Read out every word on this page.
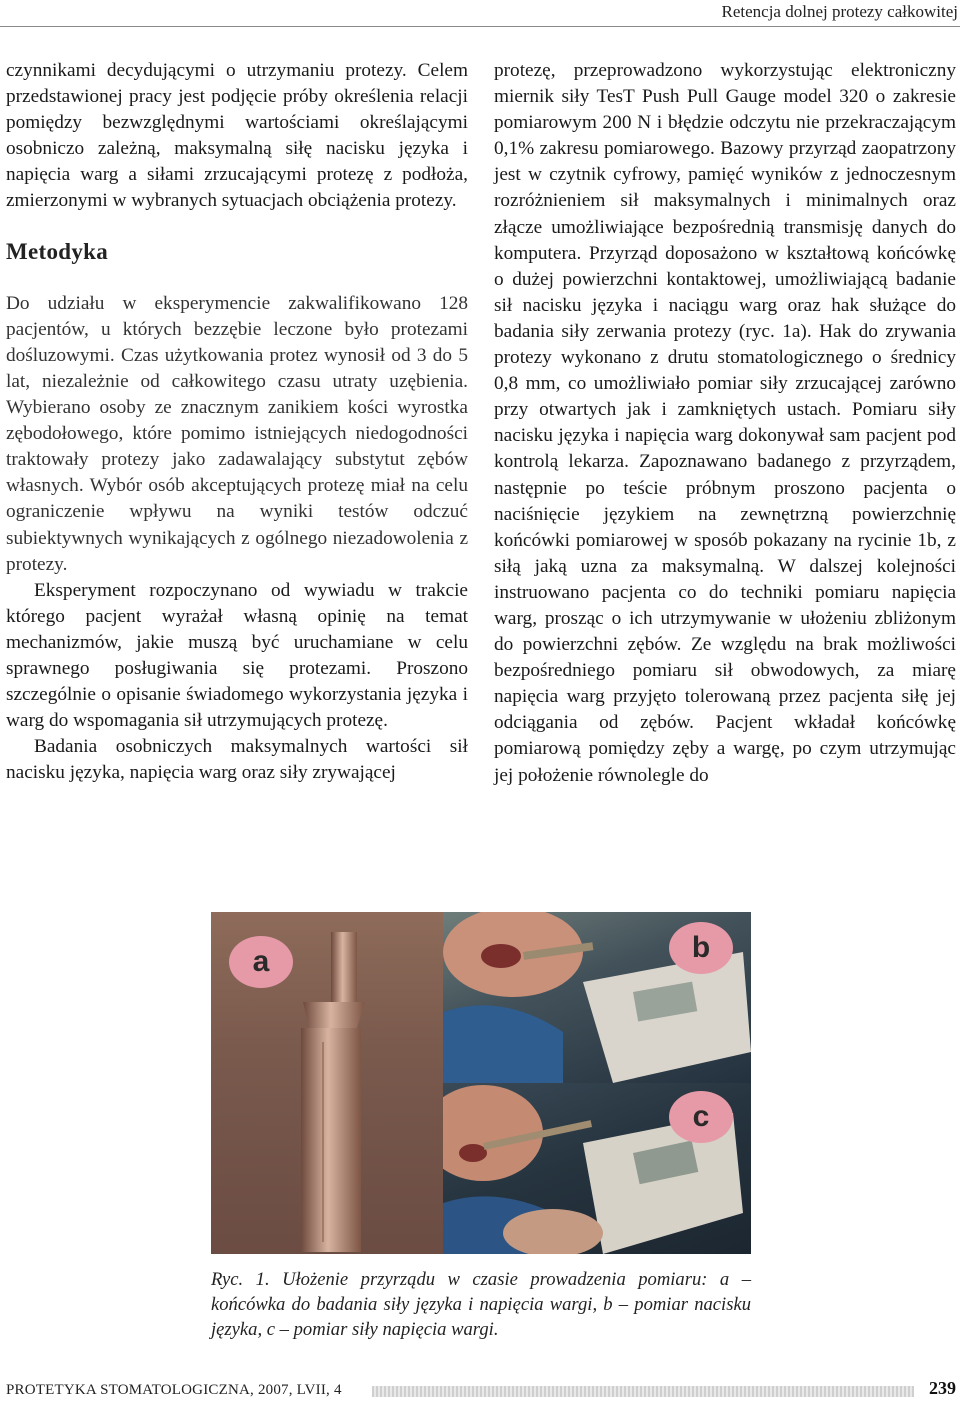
Retencja dolnej protezy całkowitej

czynnikami decydującymi o utrzymaniu protezy. Celem przedstawionej pracy jest podjęcie próby określenia relacji pomiędzy bezwzględnymi wartościami określającymi osobniczo zależną, maksymalną siłę nacisku języka i napięcia warg a siłami zrzucającymi protezę z podłoża, zmierzonymi w wybranych sytuacjach obciążenia protezy.

Metodyka

Do udziału w eksperymencie zakwalifikowano 128 pacjentów, u których bezzębie leczone było protezami dośluzowymi. Czas użytkowania protez wynosił od 3 do 5 lat, niezależnie od całkowitego czasu utraty uzębienia. Wybierano osoby ze znacznym zanikiem kości wyrostka zębodołowego, które pomimo istniejących niedogodności traktowały protezy jako zadawalający substytut zębów własnych. Wybór osób akceptujących protezę miał na celu ograniczenie wpływu na wyniki testów odczuć subiektywnych wynikających z ogólnego niezadowolenia z protezy.

Eksperyment rozpoczynano od wywiadu w trakcie którego pacjent wyrażał własną opinię na temat mechanizmów, jakie muszą być uruchamiane w celu sprawnego posługiwania się protezami. Proszono szczególnie o opisanie świadomego wykorzystania języka i warg do wspomagania sił utrzymujących protezę.

Badania osobniczych maksymalnych wartości sił nacisku języka, napięcia warg oraz siły zrywającej

protezę, przeprowadzono wykorzystując elektroniczny miernik siły TesT Push Pull Gauge model 320 o zakresie pomiarowym 200 N i błędzie odczytu nie przekraczającym 0,1% zakresu pomiarowego. Bazowy przyrząd zaopatrzony jest w czytnik cyfrowy, pamięć wyników z jednoczesnym rozróżnieniem sił maksymalnych i minimalnych oraz złącze umożliwiające bezpośrednią transmisję danych do komputera. Przyrząd doposażono w kształtową końcówkę o dużej powierzchni kontaktowej, umożliwiającą badanie sił nacisku języka i naciągu warg oraz hak służące do badania siły zerwania protezy (ryc. 1a). Hak do zrywania protezy wykonano z drutu stomatologicznego o średnicy 0,8 mm, co umożliwiało pomiar siły zrzucającej zarówno przy otwartych jak i zamkniętych ustach. Pomiaru siły nacisku języka i napięcia warg dokonywał sam pacjent pod kontrolą lekarza. Zapoznawano badanego z przyrządem, następnie po teście próbnym proszono pacjenta o naciśnięcie językiem na zewnętrzną powierzchnię końcówki pomiarowej w sposób pokazany na rycinie 1b, z siłą jaką uzna za maksymalną. W dalszej kolejności instruowano pacjenta co do techniki pomiaru napięcia warg, prosząc o ich utrzymywanie w ułożeniu zbliżonym do powierzchni zębów. Ze względu na brak możliwości bezpośredniego pomiaru sił obwodowych, za miarę napięcia warg przyjęto tolerowaną przez pacjenta siłę jej odciągania od zębów. Pacjent wkładał końcówkę pomiarową pomiędzy zęby a wargę, po czym utrzymując jej położenie równolegle do

a	b
c
Ryc. 1. Ułożenie przyrządu w czasie prowadzenia pomiaru: a – końcówka do badania siły języka i napięcia wargi, b – pomiar nacisku języka, c – pomiar siły napięcia wargi.
PROTETYKA STOMATOLOGICZNA, 2007, LVII, 4	239
